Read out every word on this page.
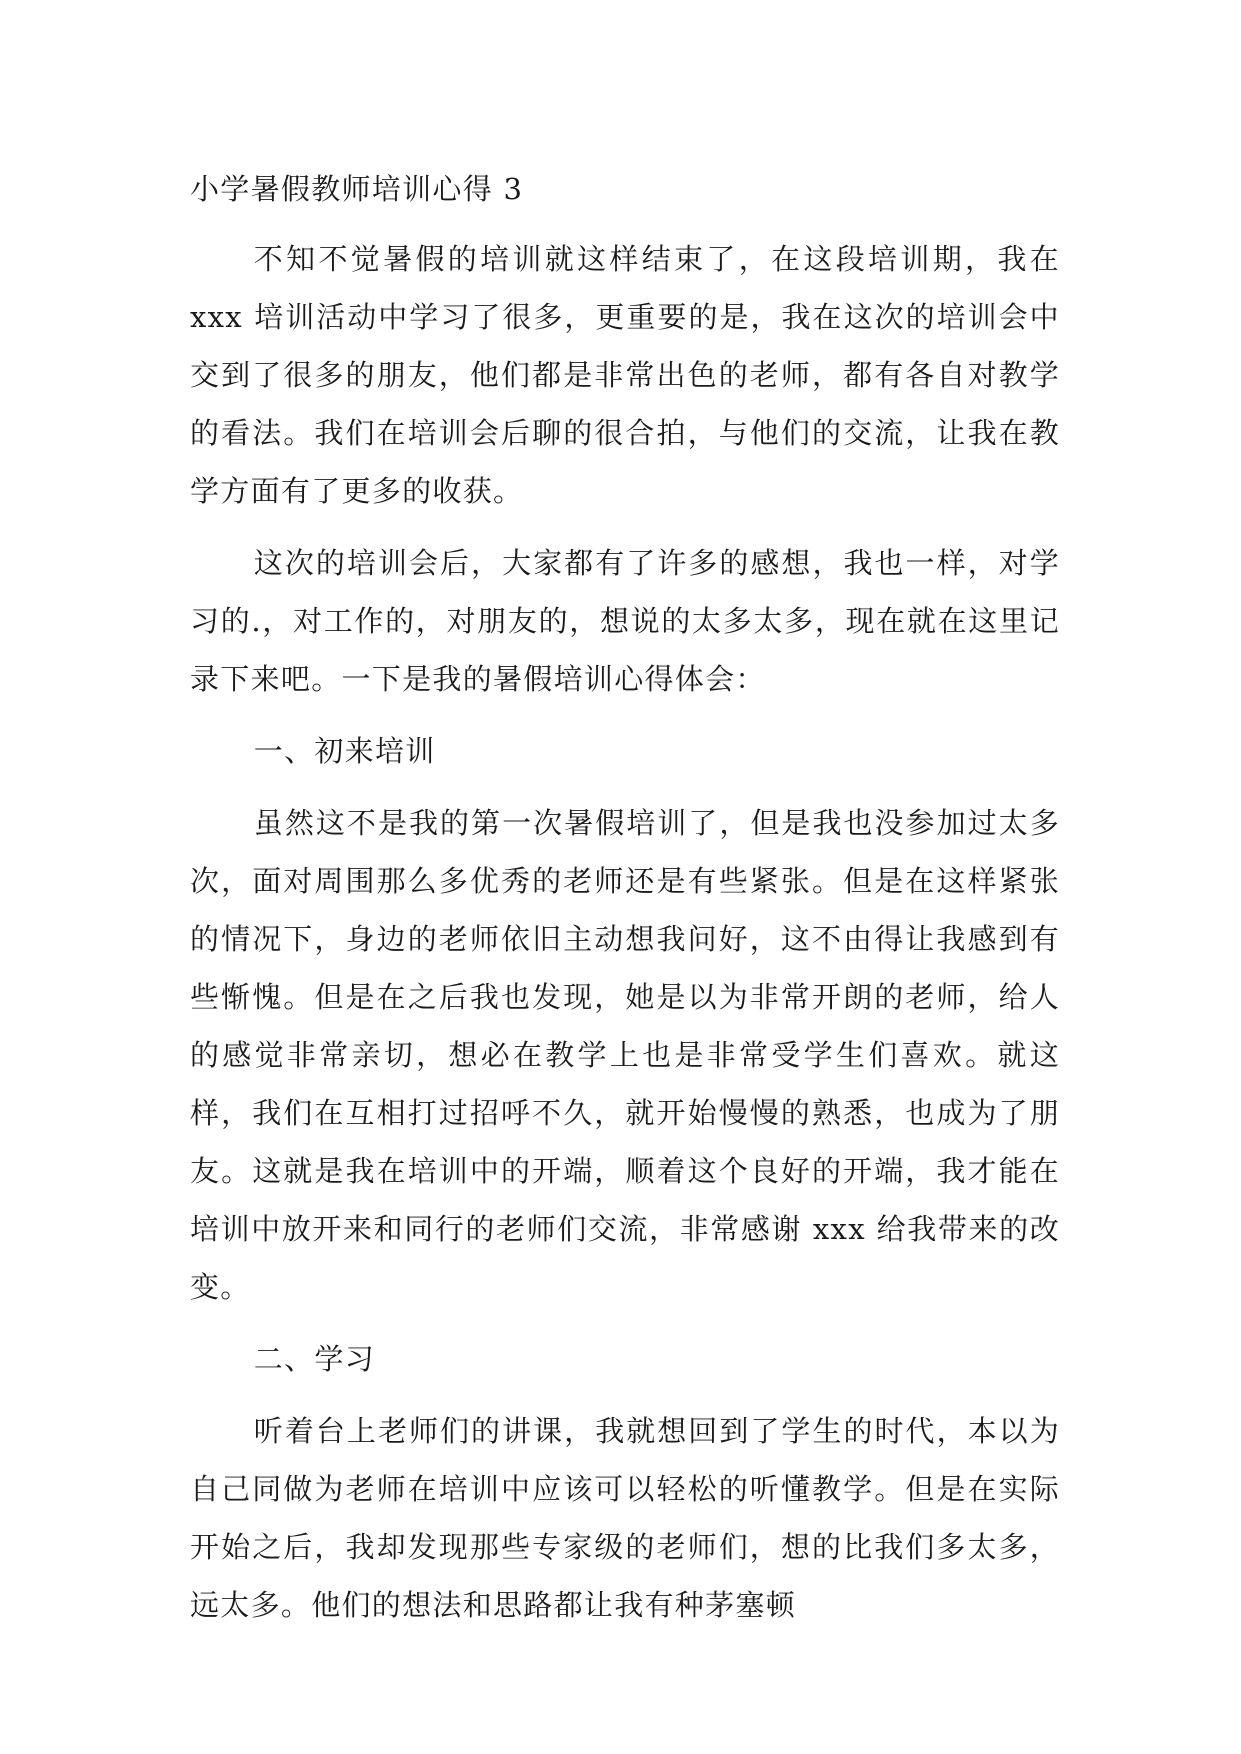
小学暑假教师培训心得 3

不知不觉暑假的培训就这样结束了，在这段培训期，我在 xxx 培训活动中学习了很多，更重要的是，我在这次的培训会中交到了很多的朋友，他们都是非常出色的老师，都有各自对教学的看法。我们在培训会后聊的很合拍，与他们的交流，让我在教学方面有了更多的收获。

这次的培训会后，大家都有了许多的感想，我也一样，对学习的.，对工作的，对朋友的，想说的太多太多，现在就在这里记录下来吧。一下是我的暑假培训心得体会：

一、初来培训

虽然这不是我的第一次暑假培训了，但是我也没参加过太多次，面对周围那么多优秀的老师还是有些紧张。但是在这样紧张的情况下，身边的老师依旧主动想我问好，这不由得让我感到有些惭愧。但是在之后我也发现，她是以为非常开朗的老师，给人的感觉非常亲切，想必在教学上也是非常受学生们喜欢。就这样，我们在互相打过招呼不久，就开始慢慢的熟悉，也成为了朋友。这就是我在培训中的开端，顺着这个良好的开端，我才能在培训中放开来和同行的老师们交流，非常感谢 xxx 给我带来的改变。

二、学习

听着台上老师们的讲课，我就想回到了学生的时代，本以为自己同做为老师在培训中应该可以轻松的听懂教学。但是在实际开始之后，我却发现那些专家级的老师们，想的比我们多太多，远太多。他们的想法和思路都让我有种茅塞顿
